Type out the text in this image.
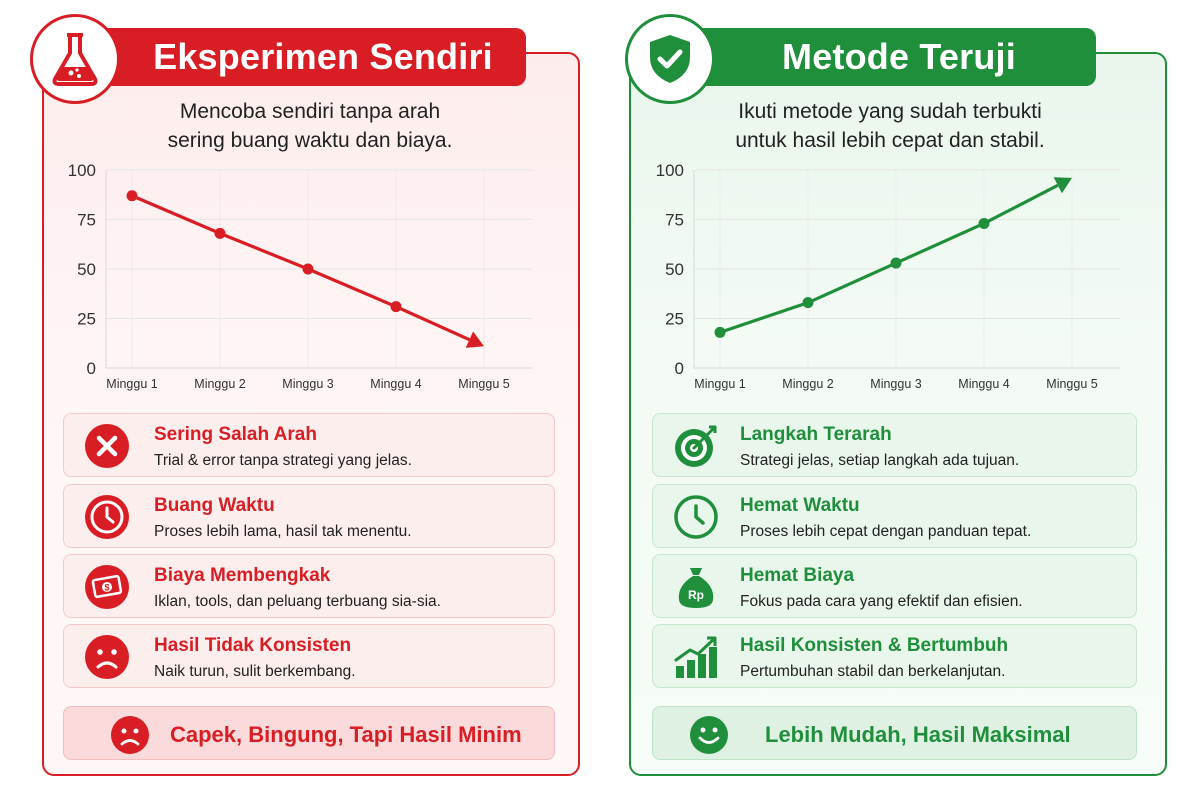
Eksperimen Sendiri
Mencoba sendiri tanpa arah
sering buang waktu dan biaya.
0
25
50
75
100
Minggu 1	Minggu 2	Minggu 3	Minggu 4	Minggu 5
Sering Salah Arah
Trial & error tanpa strategi yang jelas.
Buang Waktu
Proses lebih lama, hasil tak menentu.
$
Biaya Membengkak
Iklan, tools, dan peluang terbuang sia-sia.
Hasil Tidak Konsisten
Naik turun, sulit berkembang.
Capek, Bingung, Tapi Hasil Minim
Metode Teruji
Ikuti metode yang sudah terbukti
untuk hasil lebih cepat dan stabil.
0
25
50
75
100
Minggu 1	Minggu 2	Minggu 3	Minggu 4	Minggu 5
Langkah Terarah
Strategi jelas, setiap langkah ada tujuan.
Hemat Waktu
Proses lebih cepat dengan panduan tepat.
Rp
Hemat Biaya
Fokus pada cara yang efektif dan efisien.
Hasil Konsisten & Bertumbuh
Pertumbuhan stabil dan berkelanjutan.
Lebih Mudah, Hasil Maksimal
